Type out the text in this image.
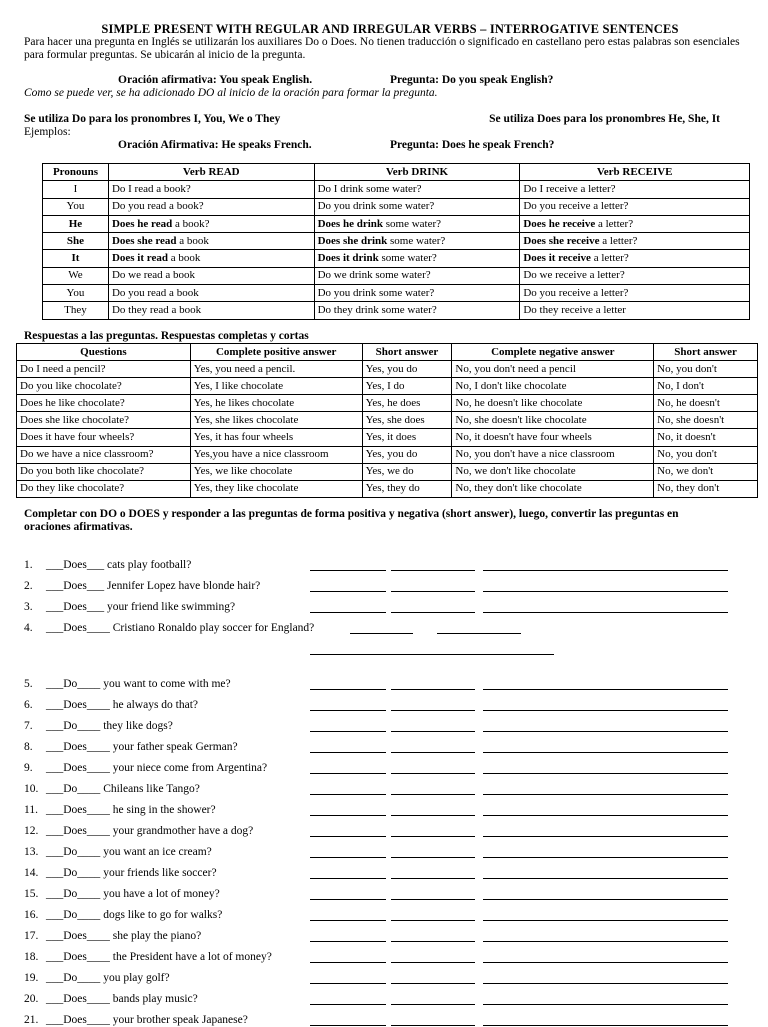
SIMPLE PRESENT WITH REGULAR AND IRREGULAR VERBS – INTERROGATIVE SENTENCES

Para hacer una pregunta en Inglés se utilizarán los auxiliares Do o Does. No tienen traducción o significado en castellano pero estas palabras son esenciales para formular preguntas. Se ubicarán al inicio de la pregunta.

Oración afirmativa: You speak English.	Pregunta: Do you speak English?
Como se puede ver, se ha adicionado DO al inicio de la oración para formar la pregunta.
Se utiliza Do para los pronombres I, You, We o They	Se utiliza Does para los pronombres He, She, It
Ejemplos:
Oración Afirmativa: He speaks French.	Pregunta: Does he speak French?
Pronouns	Verb READ	Verb DRINK	Verb RECEIVE
I	Do I read a book?	Do I drink some water?	Do I receive a letter?
You	Do you read a book?	Do you drink some water?	Do you receive a letter?
He	Does he read a book?	Does he drink some water?	Does he receive a letter?
She	Does she read a book	Does she drink some water?	Does she receive a letter?
It	Does it read a book	Does it drink some water?	Does it receive a letter?
We	Do we read a book	Do we drink some water?	Do we receive a letter?
You	Do you read a book	Do you drink some water?	Do you receive a letter?
They	Do they read a book	Do they drink some water?	Do they receive a letter
Respuestas a las preguntas. Respuestas completas y cortas
Questions	Complete positive answer	Short answer	Complete negative answer	Short answer
Do I need a pencil?	Yes, you need a pencil.	Yes, you do	No, you don't need a pencil	No, you don't
Do you like chocolate?	Yes, I like chocolate	Yes, I do	No, I don't like chocolate	No, I don't
Does he like chocolate?	Yes, he likes chocolate	Yes, he does	No, he doesn't like chocolate	No, he doesn't
Does she like chocolate?	Yes, she likes chocolate	Yes, she does	No, she doesn't like chocolate	No, she doesn't
Does it have four wheels?	Yes, it has four wheels	Yes, it does	No, it doesn't have four wheels	No, it doesn't
Do we have a nice classroom?	Yes,you have a nice classroom	Yes, you do	No, you don't have a nice classroom	No, you don't
Do you both like chocolate?	Yes, we like chocolate	Yes, we do	No, we don't like chocolate	No, we don't
Do they like chocolate?	Yes, they like chocolate	Yes, they do	No, they don't like chocolate	No, they don't
Completar con DO o DOES y responder a las preguntas de forma positiva y negativa (short answer), luego, convertir las preguntas en oraciones afirmativas.
1.	___Does___ cats play football?
2.	___Does___ Jennifer Lopez have blonde hair?
3.	___Does___ your friend like swimming?
4.	___Does____ Cristiano Ronaldo play soccer for England?
5.	___Do____ you want to come with me?
6.	___Does____ he always do that?
7.	___Do____ they like dogs?
8.	___Does____ your father speak German?
9.	___Does____ your niece come from Argentina?
10. ___Do____ Chileans like Tango?
11. ___Does____ he sing in the shower?
12. ___Does____ your grandmother have a dog?
13. ___Do____ you want an ice cream?
14. ___Do____ your friends like soccer?
15. ___Do____ you have a lot of money?
16. ___Do____ dogs like to go for walks?
17. ___Does____ she play the piano?
18. ___Does____ the President have a lot of money?
19. ___Do____ you play golf?
20. ___Does____ bands play music?
21. ___Does____ your brother speak Japanese?
